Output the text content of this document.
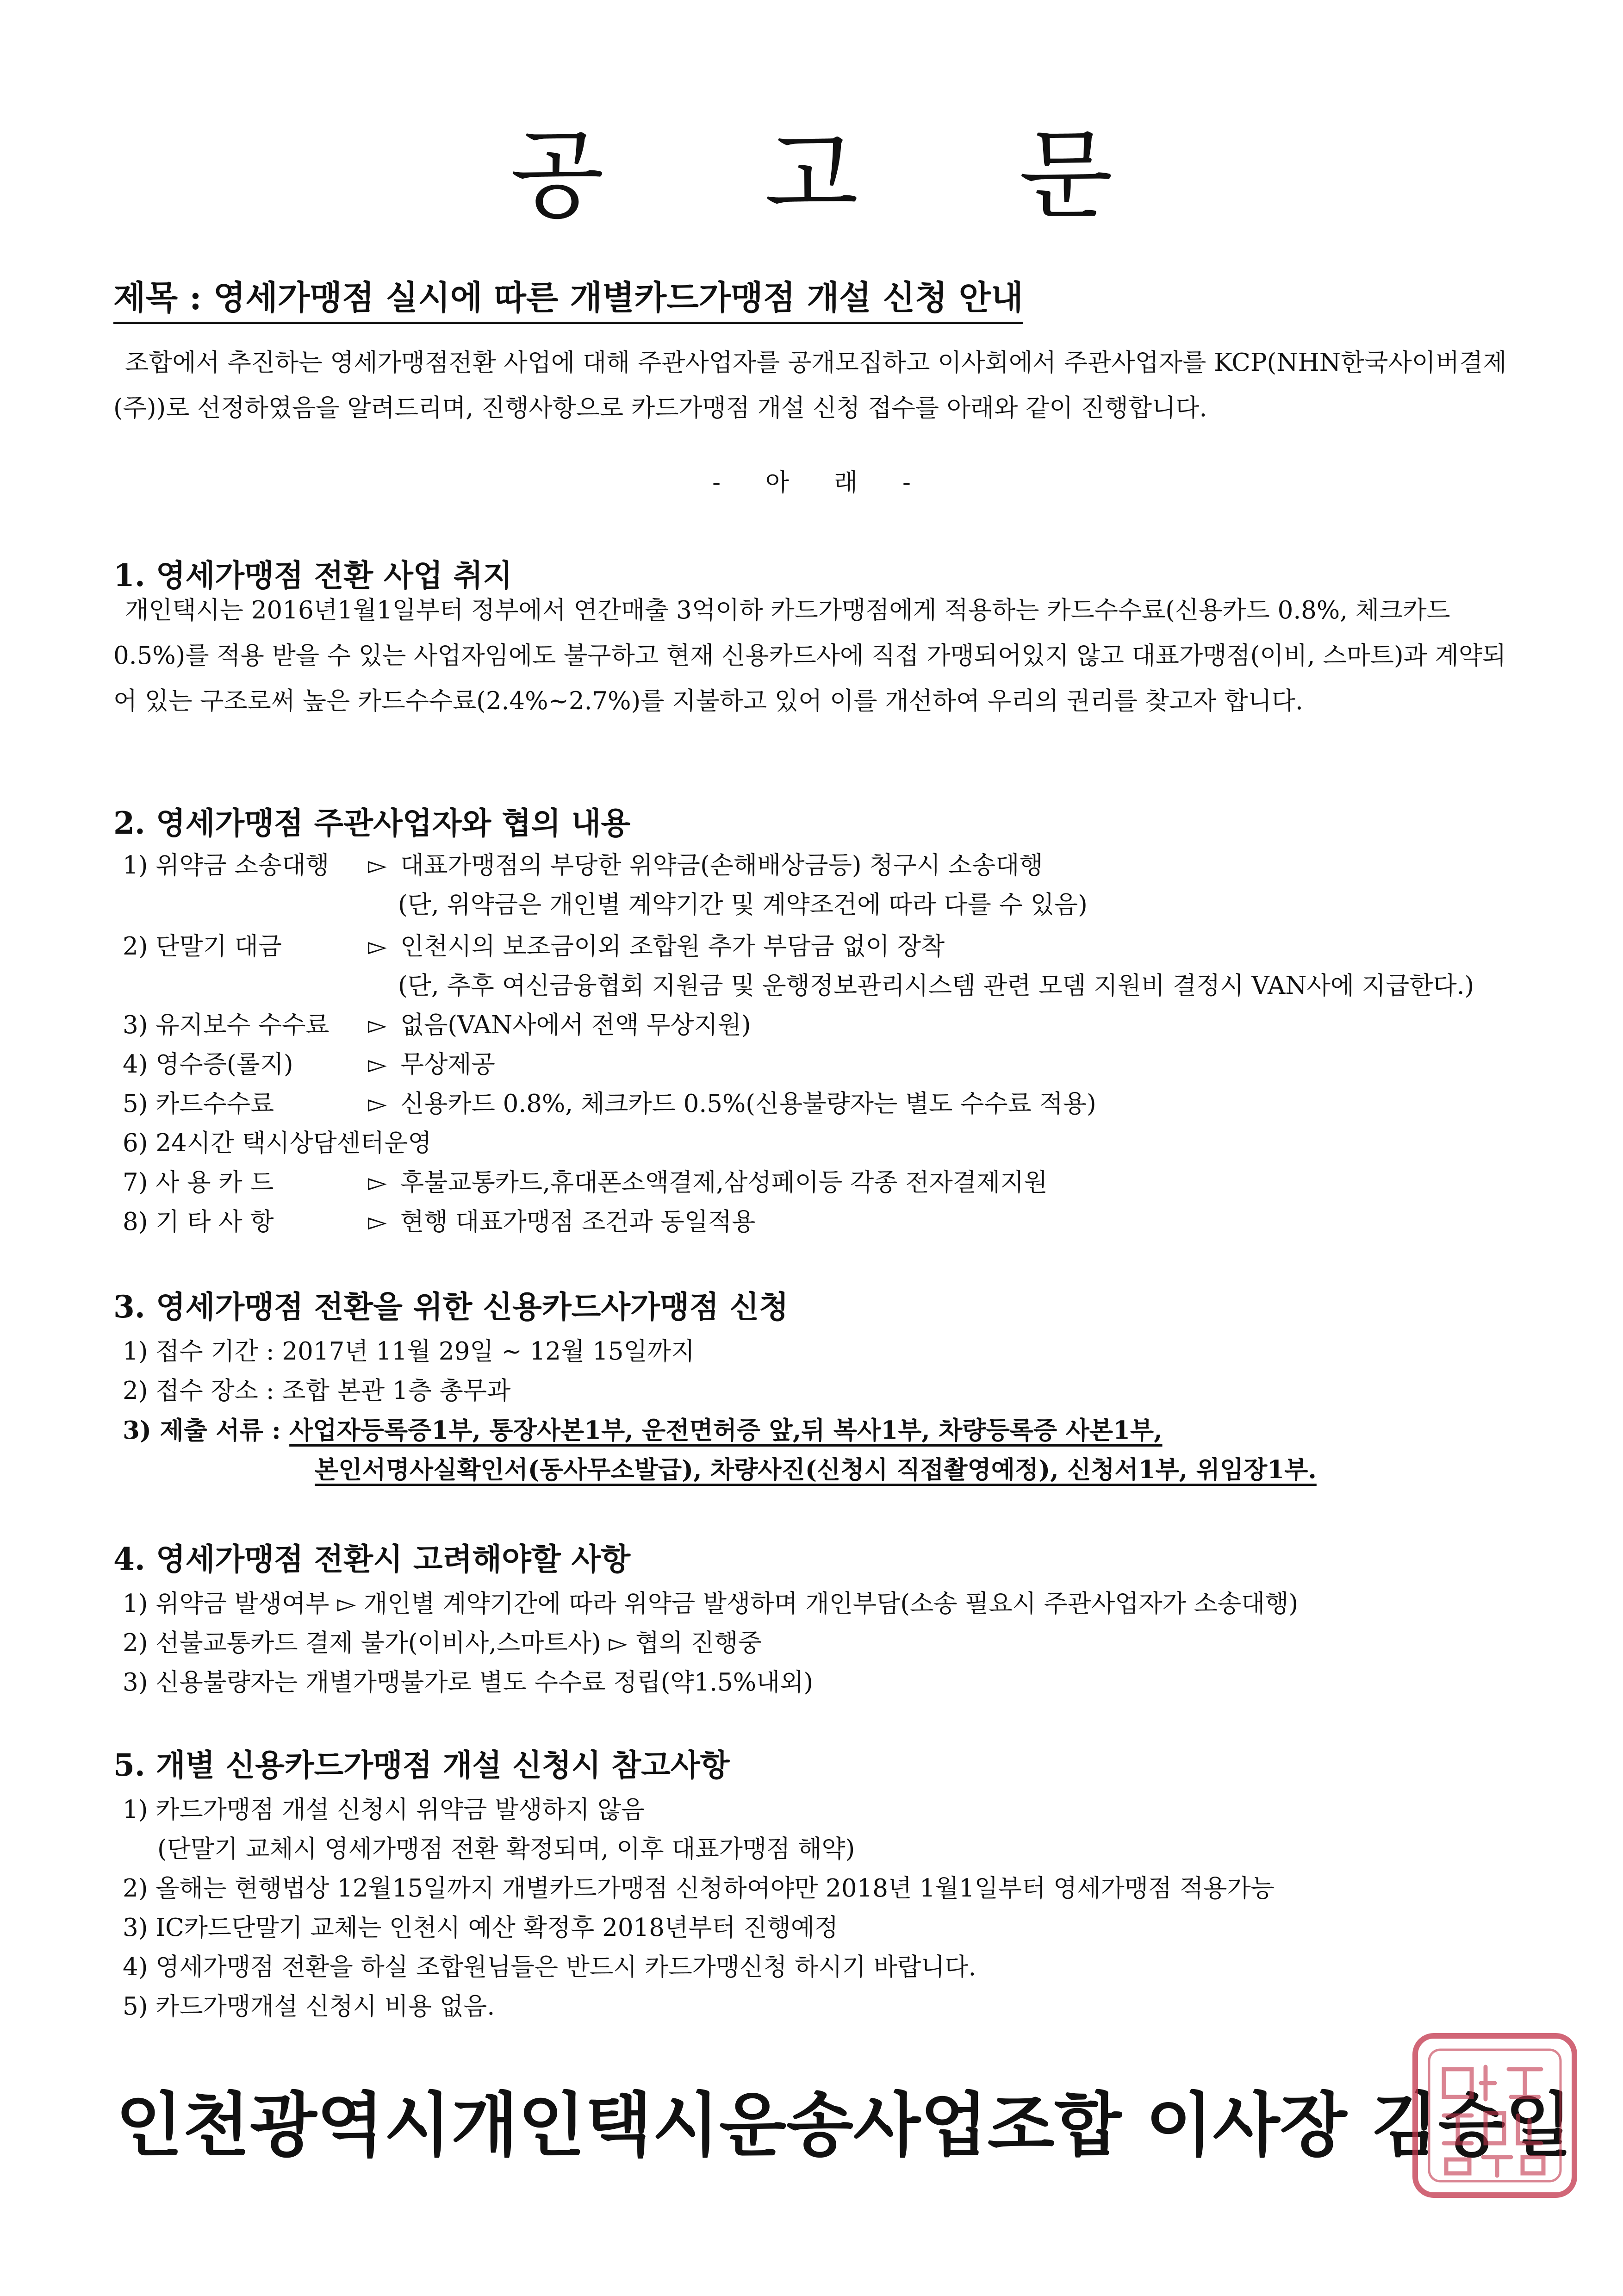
공 고 문
제목 : 영세가맹점 실시에 따른 개별카드가맹점 개설 신청 안내
조합에서 추진하는 영세가맹점전환 사업에 대해 주관사업자를 공개모집하고 이사회에서 주관사업자를 KCP(NHN한국사이버결제(주))로 선정하였음을 알려드리며, 진행사항으로 카드가맹점 개설 신청 접수를 아래와 같이 진행합니다.
- 아 래 -
1. 영세가맹점 전환 사업 취지
개인택시는 2016년1월1일부터 정부에서 연간매출 3억이하 카드가맹점에게 적용하는 카드수수료(신용카드 0.8%, 체크카드 0.5%)를 적용 받을 수 있는 사업자임에도 불구하고 현재 신용카드사에 직접 가맹되어있지 않고 대표가맹점(이비, 스마트)과 계약되어 있는 구조로써 높은 카드수수료(2.4%~2.7%)를 지불하고 있어 이를 개선하여 우리의 권리를 찾고자 합니다.
2. 영세가맹점 주관사업자와 협의 내용
1) 위약금 소송대행 ▻ 대표가맹점의 부당한 위약금(손해배상금등) 청구시 소송대행
(단, 위약금은 개인별 계약기간 및 계약조건에 따라 다를 수 있음)
2) 단말기 대금	▻ 인천시의 보조금이외 조합원 추가 부담금 없이 장착
(단, 추후 여신금융협회 지원금 및 운행정보관리시스템 관련 모뎀 지원비 결정시 VAN사에 지급한다.)
3) 유지보수 수수료 ▻ 없음(VAN사에서 전액 무상지원)
4) 영수증(롤지)	▻ 무상제공
5) 카드수수료	▻ 신용카드 0.8%, 체크카드 0.5%(신용불량자는 별도 수수료 적용)
6) 24시간 택시상담센터운영
7) 사 용 카 드	▻ 후불교통카드,휴대폰소액결제,삼성페이등 각종 전자결제지원
8) 기 타 사 항	▻ 현행 대표가맹점 조건과 동일적용
3. 영세가맹점 전환을 위한 신용카드사가맹점 신청
1) 접수 기간 : 2017년 11월 29일 ~ 12월 15일까지
2) 접수 장소 : 조합 본관 1층 총무과
3) 제출 서류 : 사업자등록증1부, 통장사본1부, 운전면허증 앞,뒤 복사1부, 차량등록증 사본1부,
본인서명사실확인서(동사무소발급), 차량사진(신청시 직접촬영예정), 신청서1부, 위임장1부.
4. 영세가맹점 전환시 고려해야할 사항
1) 위약금 발생여부 ▻ 개인별 계약기간에 따라 위약금 발생하며 개인부담(소송 필요시 주관사업자가 소송대행)
2) 선불교통카드 결제 불가(이비사,스마트사) ▻ 협의 진행중
3) 신용불량자는 개별가맹불가로 별도 수수료 정립(약1.5%내외)
5. 개별 신용카드가맹점 개설 신청시 참고사항
1) 카드가맹점 개설 신청시 위약금 발생하지 않음
(단말기 교체시 영세가맹점 전환 확정되며, 이후 대표가맹점 해약)
2) 올해는 현행법상 12월15일까지 개별카드가맹점 신청하여야만 2018년 1월1일부터 영세가맹점 적용가능
3) IC카드단말기 교체는 인천시 예산 확정후 2018년부터 진행예정
4) 영세가맹점 전환을 하실 조합원님들은 반드시 카드가맹신청 하시기 바랍니다.
5) 카드가맹개설 신청시 비용 없음.
인천광역시개인택시운송사업조합 이사장 김승일
